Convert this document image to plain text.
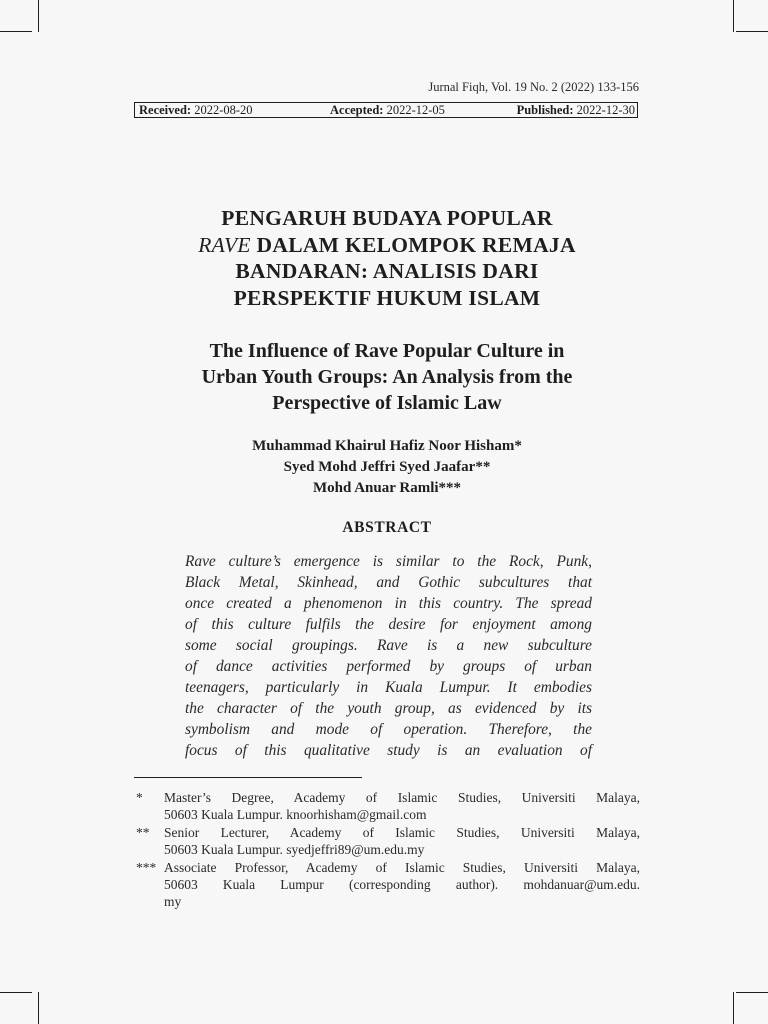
Jurnal Fiqh, Vol. 19 No. 2 (2022) 133-156
Received: 2022-08-20	Accepted: 2022-12-05	Published: 2022-12-30
PENGARUH BUDAYA POPULAR
RAVE DALAM KELOMPOK REMAJA
BANDARAN: ANALISIS DARI
PERSPEKTIF HUKUM ISLAM
The Influence of Rave Popular Culture in
Urban Youth Groups: An Analysis from the
Perspective of Islamic Law
Muhammad Khairul Hafiz Noor Hisham*
Syed Mohd Jeffri Syed Jaafar**
Mohd Anuar Ramli***
ABSTRACT
Rave culture’s emergence is similar to the Rock, Punk,
Black Metal, Skinhead, and Gothic subcultures that
once created a phenomenon in this country. The spread
of this culture fulfils the desire for enjoyment among
some social groupings. Rave is a new subculture
of dance activities performed by groups of urban
teenagers, particularly in Kuala Lumpur. It embodies
the character of the youth group, as evidenced by its
symbolism and mode of operation. Therefore, the
focus of this qualitative study is an evaluation of
* Master’s Degree, Academy of Islamic Studies, Universiti Malaya,
50603 Kuala Lumpur. knoorhisham@gmail.com
** Senior Lecturer, Academy of Islamic Studies, Universiti Malaya,
50603 Kuala Lumpur. syedjeffri89@um.edu.my
*** Associate Professor, Academy of Islamic Studies, Universiti Malaya,
50603 Kuala Lumpur (corresponding author). mohdanuar@um.edu.
my
